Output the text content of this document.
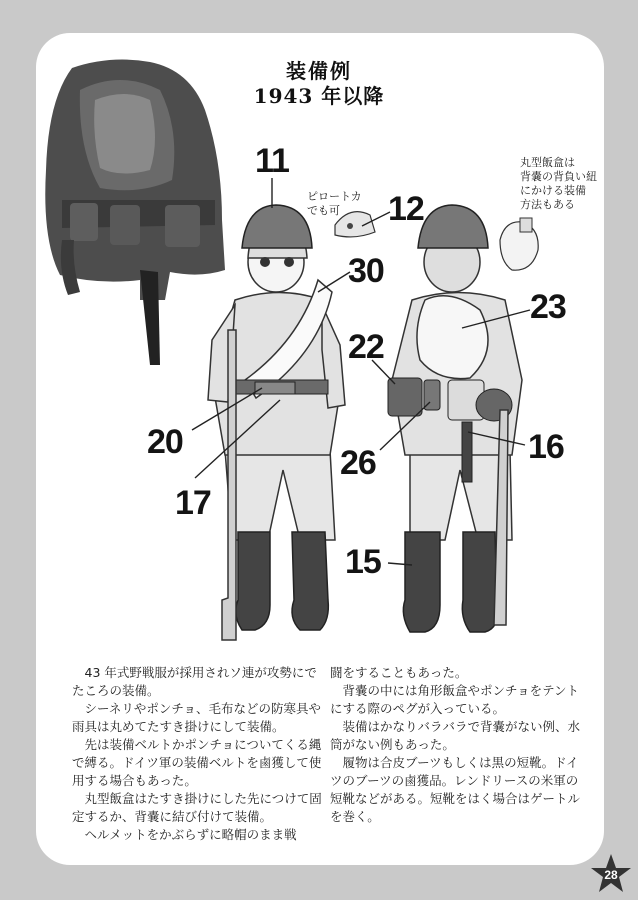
装備例
1943 年以降
11
12
30
22
23
20
17
26	16
15
ピロートカ
でも可
丸型飯盒は
背嚢の背負い紐
にかける装備
方法もある

43 年式野戦服が採用されソ連が攻勢にでたころの装備。

シーネリやポンチョ、毛布などの防寒具や雨具は丸めてたすき掛けにして装備。

先は装備ベルトかポンチョについてくる縄で縛る。ドイツ軍の装備ベルトを鹵獲して使用する場合もあった。

丸型飯盒はたすき掛けにした先につけて固定するか、背嚢に結び付けて装備。

ヘルメットをかぶらずに略帽のまま戦

闘をすることもあった。

背嚢の中には角形飯盒やポンチョをテントにする際のペグが入っている。

装備はかなりバラバラで背嚢がない例、水筒がない例もあった。

履物は合皮ブーツもしくは黒の短靴。ドイツのブーツの鹵獲品。レンドリースの米軍の短靴などがある。短靴をはく場合はゲートルを巻く。

28
